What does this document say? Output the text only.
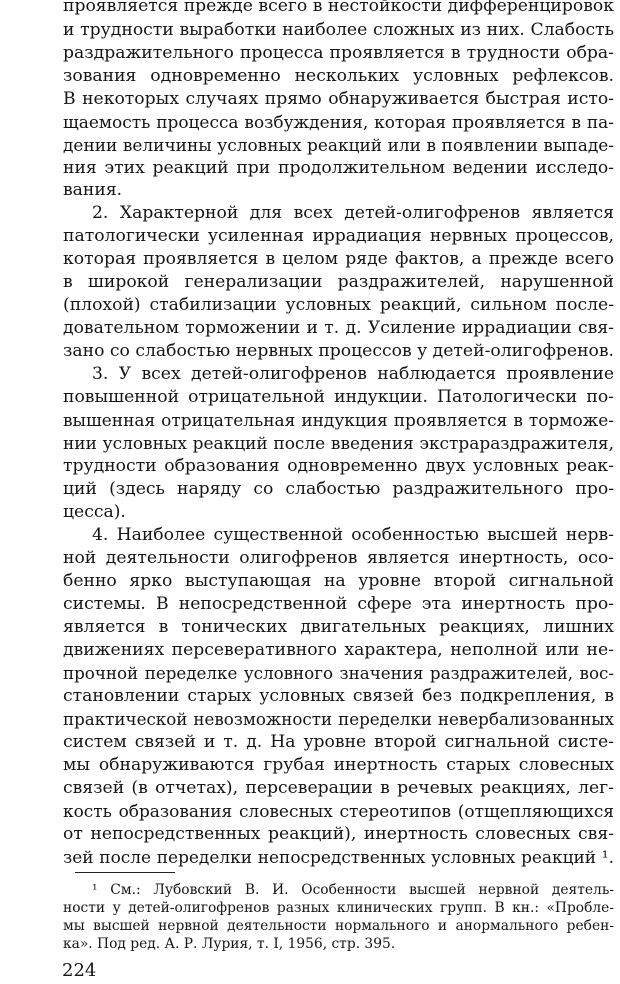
проявляется прежде всего в нестойкости дифференцировок
и трудности выработки наиболее сложных из них. Слабость
раздражительного процесса проявляется в трудности обра-
зования одновременно нескольких условных рефлексов.
В некоторых случаях прямо обнаруживается быстрая исто-
щаемость процесса возбуждения, которая проявляется в па-
дении величины условных реакций или в появлении выпаде-
ния этих реакций при продолжительном ведении исследо-
вания.
2. Характерной для всех детей-олигофренов является
патологически усиленная иррадиация нервных процессов,
которая проявляется в целом ряде фактов, а прежде всего
в широкой генерализации раздражителей, нарушенной
(плохой) стабилизации условных реакций, сильном после-
довательном торможении и т. д. Усиление иррадиации свя-
зано со слабостью нервных процессов у детей-олигофренов.
3. У всех детей-олигофренов наблюдается проявление
повышенной отрицательной индукции. Патологически по-
вышенная отрицательная индукция проявляется в торможе-
нии условных реакций после введения экстрараздражителя,
трудности образования одновременно двух условных реак-
ций (здесь наряду со слабостью раздражительного про-
цесса).
4. Наиболее существенной особенностью высшей нерв-
ной деятельности олигофренов является инертность, осо-
бенно ярко выступающая на уровне второй сигнальной
системы. В непосредственной сфере эта инертность про-
является в тонических двигательных реакциях, лишних
движениях персеверативного характера, неполной или не-
прочной переделке условного значения раздражителей, вос-
становлении старых условных связей без подкрепления, в
практической невозможности переделки невербализованных
систем связей и т. д. На уровне второй сигнальной систе-
мы обнаруживаются грубая инертность старых словесных
связей (в отчетах), персеверации в речевых реакциях, лег-
кость образования словесных стереотипов (отщепляющихся
от непосредственных реакций), инертность словесных свя-
зей после переделки непосредственных условных реакций ¹.
¹ См.: Лубовский В. И. Особенности высшей нервной деятель-
ности у детей-олигофренов разных клинических групп. В кн.: «Пробле-
мы высшей нервной деятельности нормального и анормального ребен-
ка». Под ред. А. Р. Лурия, т. I, 1956, стр. 395.
224
